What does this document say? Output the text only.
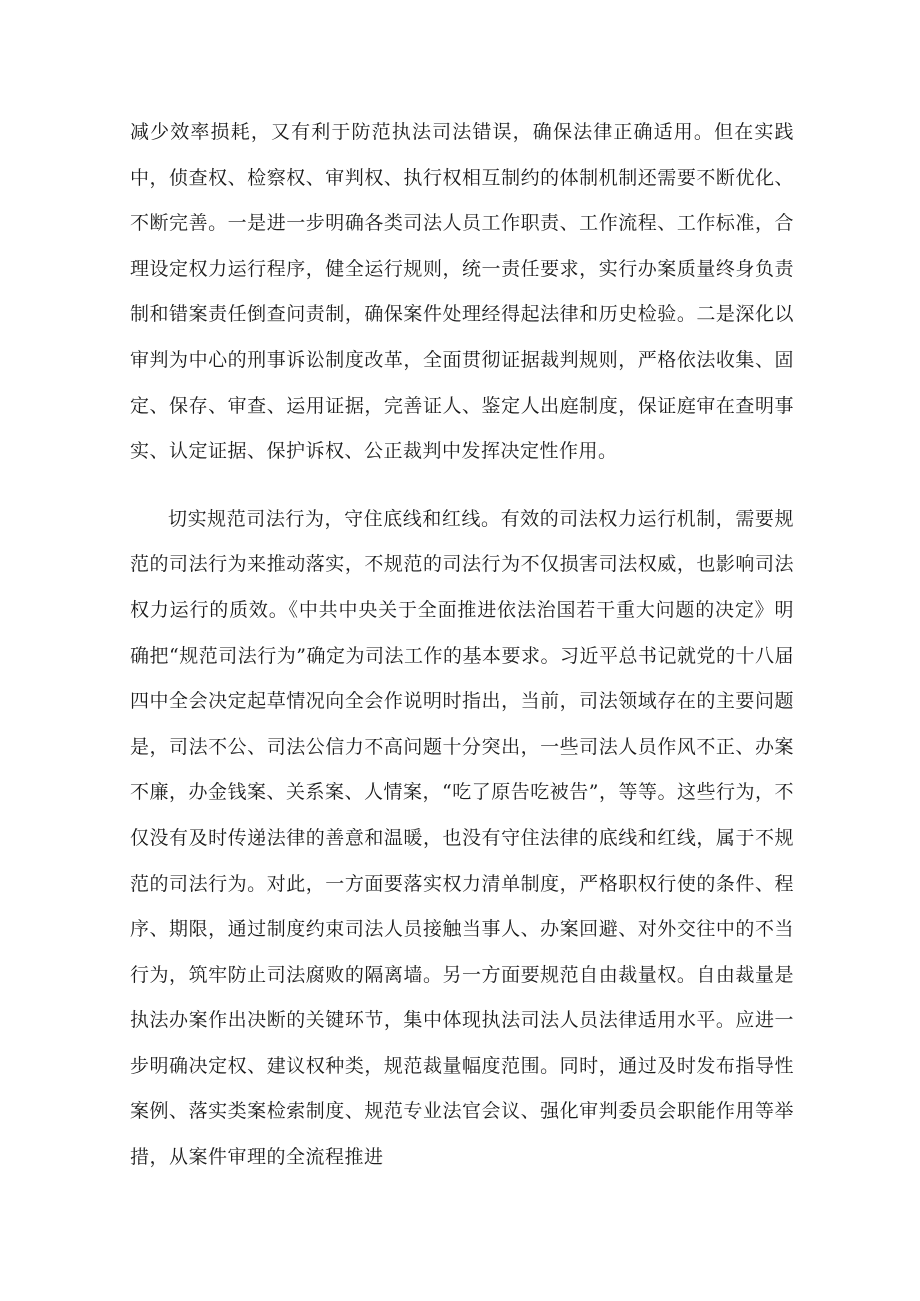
减少效率损耗，又有利于防范执法司法错误，确保法律正确适用。但在实践中，侦查权、检察权、审判权、执行权相互制约的体制机制还需要不断优化、不断完善。一是进一步明确各类司法人员工作职责、工作流程、工作标准，合理设定权力运行程序，健全运行规则，统一责任要求，实行办案质量终身负责制和错案责任倒查问责制，确保案件处理经得起法律和历史检验。二是深化以审判为中心的刑事诉讼制度改革，全面贯彻证据裁判规则，严格依法收集、固定、保存、审查、运用证据，完善证人、鉴定人出庭制度，保证庭审在查明事实、认定证据、保护诉权、公正裁判中发挥决定性作用。

切实规范司法行为，守住底线和红线。有效的司法权力运行机制，需要规范的司法行为来推动落实，不规范的司法行为不仅损害司法权威，也影响司法权力运行的质效。《中共中央关于全面推进依法治国若干重大问题的决定》明确把“规范司法行为”确定为司法工作的基本要求。习近平总书记就党的十八届四中全会决定起草情况向全会作说明时指出，当前，司法领域存在的主要问题是，司法不公、司法公信力不高问题十分突出，一些司法人员作风不正、办案不廉，办金钱案、关系案、人情案，“吃了原告吃被告”，等等。这些行为，不仅没有及时传递法律的善意和温暖，也没有守住法律的底线和红线，属于不规范的司法行为。对此，一方面要落实权力清单制度，严格职权行使的条件、程序、期限，通过制度约束司法人员接触当事人、办案回避、对外交往中的不当行为，筑牢防止司法腐败的隔离墙。另一方面要规范自由裁量权。自由裁量是执法办案作出决断的关键环节，集中体现执法司法人员法律适用水平。应进一步明确决定权、建议权种类，规范裁量幅度范围。同时，通过及时发布指导性案例、落实类案检索制度、规范专业法官会议、强化审判委员会职能作用等举措，从案件审理的全流程推进
